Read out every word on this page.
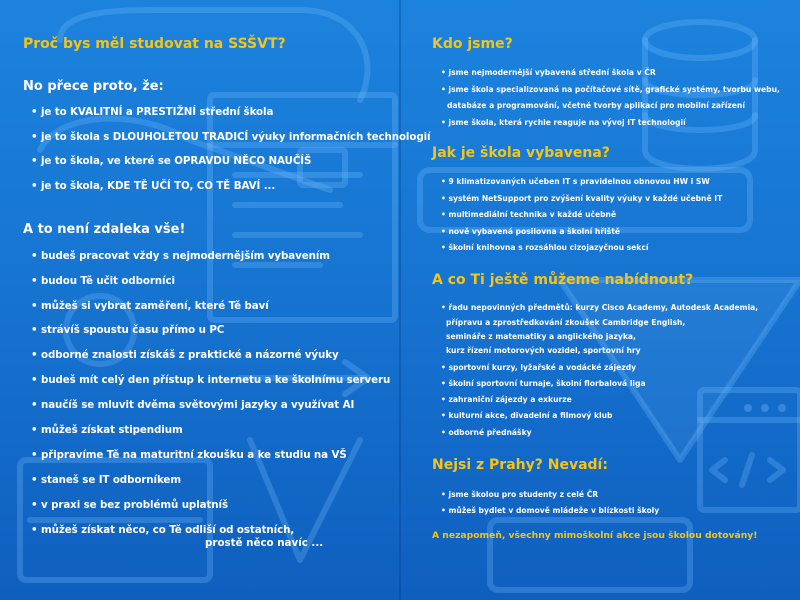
Proč bys měl studovat na SSŠVT?
No přece proto, že:
• je to KVALITNÍ a PRESTIŽNÍ střední škola
• je to škola s DLOUHOLETOU TRADICÍ výuky informačních technologií
• je to škola, ve které se OPRAVDU NĚCO NAUČÍŠ
• je to škola, KDE TĚ UČÍ TO, CO TĚ BAVÍ ...
A to není zdaleka vše!
• budeš pracovat vždy s nejmodernějším vybavením
• budou Tě učit odborníci
• můžeš si vybrat zaměření, které Tě baví
• strávíš spoustu času přímo u PC
• odborné znalosti získáš z praktické a názorné výuky
• budeš mít celý den přístup k internetu a ke školnímu serveru
• naučíš se mluvit dvěma světovými jazyky a využívat AI
• můžeš získat stipendium
• připravíme Tě na maturitní zkoušku a ke studiu na VŠ
• staneš se IT odborníkem
• v praxi se bez problémů uplatníš
• můžeš získat něco, co Tě odliší od ostatních,
prostě něco navíc ...
Kdo jsme?
• jsme nejmodernější vybavená střední škola v ČR
• jsme škola specializovaná na počítačové sítě, grafické systémy, tvorbu webu,
databáze a programování, včetně tvorby aplikací pro mobilní zařízení
• jsme škola, která rychle reaguje na vývoj IT technologií
Jak je škola vybavena?
• 9 klimatizovaných učeben IT s pravidelnou obnovou HW i SW
• systém NetSupport pro zvýšení kvality výuky v každé učebně IT
• multimediální technika v každé učebně
• nově vybavená posilovna a školní hřiště
• školní knihovna s rozsáhlou cizojazyčnou sekcí
A co Ti ještě můžeme nabídnout?
• řadu nepovinných předmětů: kurzy Cisco Academy, Autodesk Academia,
přípravu a zprostředkování zkoušek Cambridge English,
semináře z matematiky a anglického jazyka,
kurz řízení motorových vozidel, sportovní hry
• sportovní kurzy, lyžařské a vodácké zájezdy
• školní sportovní turnaje, školní florbalová liga
• zahraniční zájezdy a exkurze
• kulturní akce, divadelní a filmový klub
• odborné přednášky
Nejsi z Prahy? Nevadí:
• jsme školou pro studenty z celé ČR
• můžeš bydlet v domově mládeže v blízkosti školy
A nezapomeň, všechny mimoškolní akce jsou školou dotovány!
